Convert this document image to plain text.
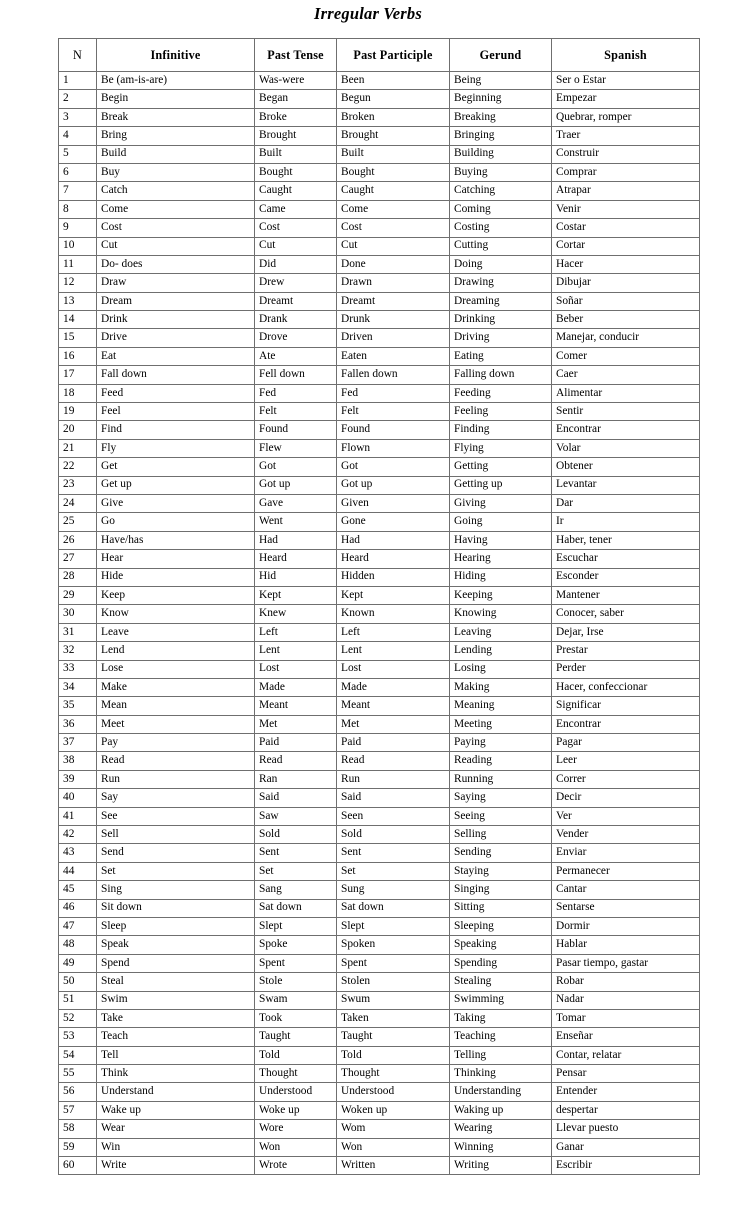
Irregular Verbs
N	Infinitive	Past Tense	Past Participle	Gerund	Spanish
1	Be (am-is-are)	Was-were	Been	Being	Ser o Estar
2	Begin	Began	Begun	Beginning	Empezar
3	Break	Broke	Broken	Breaking	Quebrar, romper
4	Bring	Brought	Brought	Bringing	Traer
5	Build	Built	Built	Building	Construir
6	Buy	Bought	Bought	Buying	Comprar
7	Catch	Caught	Caught	Catching	Atrapar
8	Come	Came	Come	Coming	Venir
9	Cost	Cost	Cost	Costing	Costar
10	Cut	Cut	Cut	Cutting	Cortar
11	Do- does	Did	Done	Doing	Hacer
12	Draw	Drew	Drawn	Drawing	Dibujar
13	Dream	Dreamt	Dreamt	Dreaming	Soñar
14	Drink	Drank	Drunk	Drinking	Beber
15	Drive	Drove	Driven	Driving	Manejar, conducir
16	Eat	Ate	Eaten	Eating	Comer
17	Fall down	Fell down	Fallen down	Falling down	Caer
18	Feed	Fed	Fed	Feeding	Alimentar
19	Feel	Felt	Felt	Feeling	Sentir
20	Find	Found	Found	Finding	Encontrar
21	Fly	Flew	Flown	Flying	Volar
22	Get	Got	Got	Getting	Obtener
23	Get up	Got up	Got up	Getting up	Levantar
24	Give	Gave	Given	Giving	Dar
25	Go	Went	Gone	Going	Ir
26	Have/has	Had	Had	Having	Haber, tener
27	Hear	Heard	Heard	Hearing	Escuchar
28	Hide	Hid	Hidden	Hiding	Esconder
29	Keep	Kept	Kept	Keeping	Mantener
30	Know	Knew	Known	Knowing	Conocer, saber
31	Leave	Left	Left	Leaving	Dejar, Irse
32	Lend	Lent	Lent	Lending	Prestar
33	Lose	Lost	Lost	Losing	Perder
34	Make	Made	Made	Making	Hacer, confeccionar
35	Mean	Meant	Meant	Meaning	Significar
36	Meet	Met	Met	Meeting	Encontrar
37	Pay	Paid	Paid	Paying	Pagar
38	Read	Read	Read	Reading	Leer
39	Run	Ran	Run	Running	Correr
40	Say	Said	Said	Saying	Decir
41	See	Saw	Seen	Seeing	Ver
42	Sell	Sold	Sold	Selling	Vender
43	Send	Sent	Sent	Sending	Enviar
44	Set	Set	Set	Staying	Permanecer
45	Sing	Sang	Sung	Singing	Cantar
46	Sit down	Sat down	Sat down	Sitting	Sentarse
47	Sleep	Slept	Slept	Sleeping	Dormir
48	Speak	Spoke	Spoken	Speaking	Hablar
49	Spend	Spent	Spent	Spending	Pasar tiempo, gastar
50	Steal	Stole	Stolen	Stealing	Robar
51	Swim	Swam	Swum	Swimming	Nadar
52	Take	Took	Taken	Taking	Tomar
53	Teach	Taught	Taught	Teaching	Enseñar
54	Tell	Told	Told	Telling	Contar, relatar
55	Think	Thought	Thought	Thinking	Pensar
56	Understand	Understood	Understood	Understanding	Entender
57	Wake up	Woke up	Woken up	Waking up	despertar
58	Wear	Wore	Wom	Wearing	Llevar puesto
59	Win	Won	Won	Winning	Ganar
60	Write	Wrote	Written	Writing	Escribir
